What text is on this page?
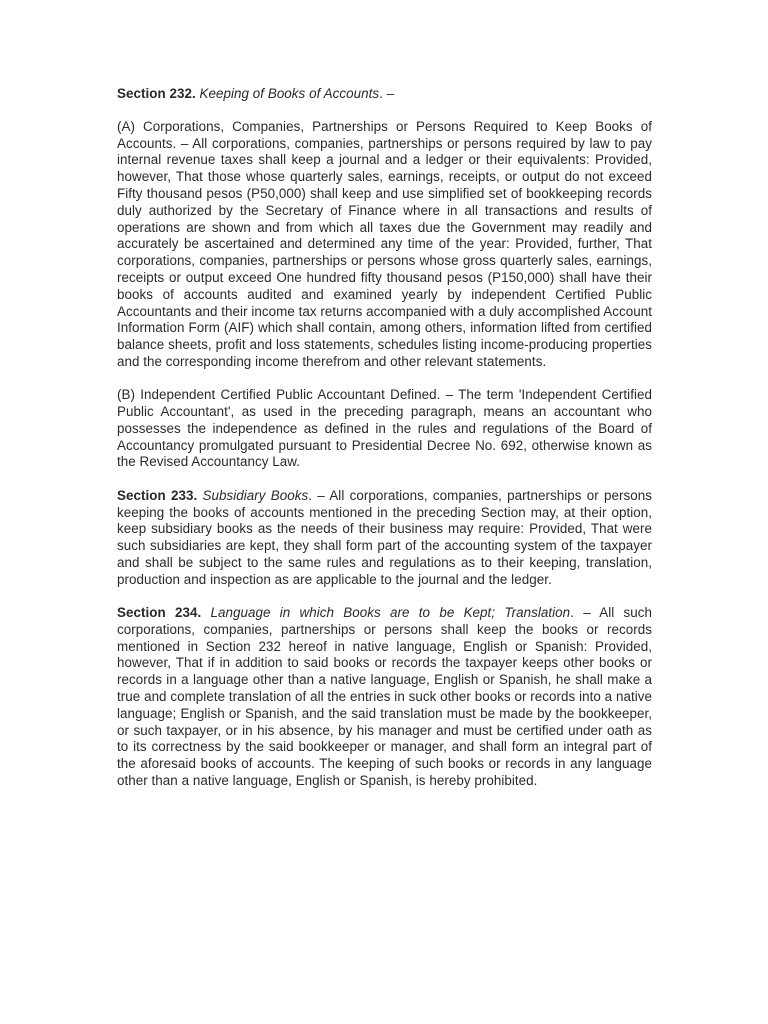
Section 232. Keeping of Books of Accounts. –

(A) Corporations, Companies, Partnerships or Persons Required to Keep Books of Accounts. – All corporations, companies, partnerships or persons required by law to pay internal revenue taxes shall keep a journal and a ledger or their equivalents: Provided, however, That those whose quarterly sales, earnings, receipts, or output do not exceed Fifty thousand pesos (P50,000) shall keep and use simplified set of bookkeeping records duly authorized by the Secretary of Finance where in all transactions and results of operations are shown and from which all taxes due the Government may readily and accurately be ascertained and determined any time of the year: Provided, further, That corporations, companies, partnerships or persons whose gross quarterly sales, earnings, receipts or output exceed One hundred fifty thousand pesos (P150,000) shall have their books of accounts audited and examined yearly by independent Certified Public Accountants and their income tax returns accompanied with a duly accomplished Account Information Form (AIF) which shall contain, among others, information lifted from certified balance sheets, profit and loss statements, schedules listing income-producing properties and the corresponding income therefrom and other relevant statements.

(B) Independent Certified Public Accountant Defined. – The term 'Independent Certified Public Accountant', as used in the preceding paragraph, means an accountant who possesses the independence as defined in the rules and regulations of the Board of Accountancy promulgated pursuant to Presidential Decree No. 692, otherwise known as the Revised Accountancy Law.

Section 233. Subsidiary Books. – All corporations, companies, partnerships or persons keeping the books of accounts mentioned in the preceding Section may, at their option, keep subsidiary books as the needs of their business may require: Provided, That were such subsidiaries are kept, they shall form part of the accounting system of the taxpayer and shall be subject to the same rules and regulations as to their keeping, translation, production and inspection as are applicable to the journal and the ledger.

Section 234. Language in which Books are to be Kept; Translation. – All such corporations, companies, partnerships or persons shall keep the books or records mentioned in Section 232 hereof in native language, English or Spanish: Provided, however, That if in addition to said books or records the taxpayer keeps other books or records in a language other than a native language, English or Spanish, he shall make a true and complete translation of all the entries in suck other books or records into a native language; English or Spanish, and the said translation must be made by the bookkeeper, or such taxpayer, or in his absence, by his manager and must be certified under oath as to its correctness by the said bookkeeper or manager, and shall form an integral part of the aforesaid books of accounts. The keeping of such books or records in any language other than a native language, English or Spanish, is hereby prohibited.
